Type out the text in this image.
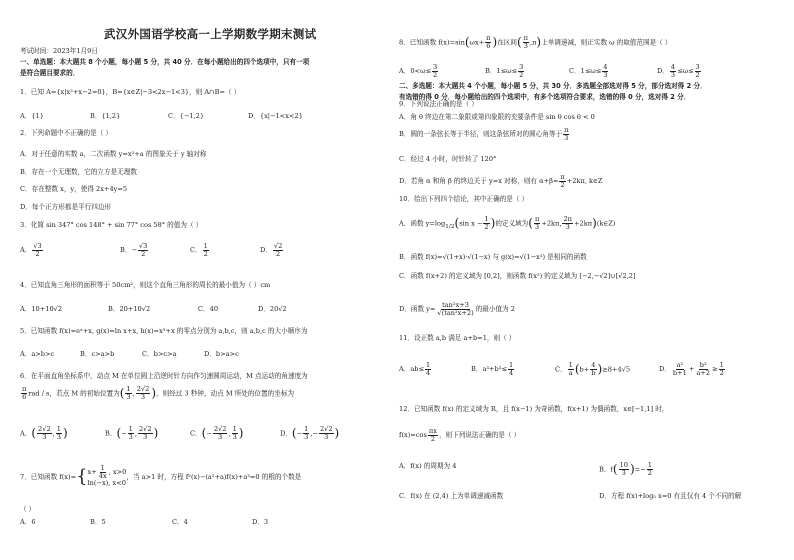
武汉外国语学校高一上学期数学期末测试
考试时间：2023年1月9日
一、单选题：本大题共 8 个小题，每小题 5 分，共 40 分．在每小题给出的四个选项中，只有一项
是符合题目要求的．
1．已知 A={x|x²+x−2=0}，B={x∈Z|−3<2x−1<3}，则 A∩B=（ ）
A．{1}	B．{1,2}	C．{−1,2}	D．{x|−1<x<2}
2．下列命题中不正确的是（ ）
A．对于任意的实数 a，二次函数 y=x²+a 的图象关于 y 轴对称
B．存在一个无理数，它的立方是无理数
C．存在整数 x，y，使得 2x+4y=5
D．每个正方形都是平行四边形
3．化简 sin 347° cos 148° + sin 77° cos 58° 的值为（ ）
A． $\frac{√3}{2}$	B．− $\frac{√3}{2}$	C． $\frac{1}{2}$	D． $\frac{√2}{2}$
4．已知直角三角形的面积等于 50cm²，则这个直角三角形的周长的最小值为（ ）cm
A．10+10√2	B．20+10√2	C．40	D．20√2
5．已知函数 f(x)=eˣ+x, g(x)=ln x+x, h(x)=x³+x 的零点分别为 a,b,c，则 a,b,c 的大小顺序为
A．a>b>c	B．c>a>b	C．b>c>a	D．b>a>c
6．在平面直角坐标系中，动点 M 在单位圆上沿逆时针方向作匀速圆周运动，M 点运动的角速度为
$\frac{\pi}{6}$ rad / s，若点 M 的初始位置为( $\frac{1}{3}$ , $\frac{2√2}{3}$ )，则经过 3 秒钟，动点 M 所处的位置的坐标为
A．( $\frac{2√2}{3}$ , $\frac{1}{3}$ )	B．(− $\frac{1}{3}$ , $\frac{2√2}{3}$ )	C．(− $\frac{2√2}{3}$ , $\frac{1}{3}$ )	D．(− $\frac{1}{3}$ ,− $\frac{2√2}{3}$ )
7．已知函数 f(x)={ $x+ \frac{1}{4x}$ , x>0
ln(−x), x<0
，当 a>1 时，方程 f²(x)−(a²+a)f(x)+a³=0 的根的个数是
（ ）
A．6	B．5	C．4	D．3
8．已知函数 $f(x)=\sin(\omega x+ \frac{\pi}{6}$ )在区间( $\frac{\pi}{3} ,\pi$)上单调递减，则正实数 ω 的取值范围是（ ）
A．$0<\omega\le \frac{3}{2}$	B．$1\le\omega\le \frac{3}{2}$	C．$1\le\omega\le \frac{4}{3}$	D． $\frac{4}{3} \le\omega\le \frac{3}{2}$
二、多选题：本大题共 4 个小题，每小题 5 分，共 30 分．多选题全部选对得 5 分，部分选对得 2 分．
有选错的得 0 分．每小题给出的四个选项中，有多个选项符合要求，选错的得 0 分，选对得 2 分．
9．下列说法正确的是（ ）
A．角 θ 终边在第二象限或第四象限的充要条件是 sin θ cos θ < 0
B．圆的一条弦长等于半径，则这条弦所对的圆心角等于 $\frac{\pi}{3}$
C．经过 4 小时，时针转了 120°
D．若角 α 和角 β 的终边关于 y=x 对称，则有 $\alpha+\beta= \frac{\pi}{2} +2k\pi$, k∈Z
10．给出下列四个结论，其中正确的是（ ）
A．函数 $y=\log_{1/2}(\sin$ $x - \frac{1}{2}$ )的定义域为( $\frac{\pi}{3} +2k\pi$, $\frac{2\pi}{3}$ +2kπ)(k∈Z)
B．函数 f(x)=√(1+x)·√(1−x) 与 g(x)=√(1−x²) 是相同的函数
C．函数 f(x+2) 的定义域为 [0,2]，则函数 f(x²) 的定义域为 [−2,−√2]∪[√2,2]
D．函数 $y= \frac{\text{tan²x+3}}{\text{√(tan²x+2)}}$ 的最小值为 2
11．设正数 a,b 满足 a+b=1，则（ ）
A．$ab\le \frac{1}{4}$	B．$a^3+b^3\le \frac{1}{4}$	C． $\frac{1}{a} (b+ \frac{4}{b} )\ge 8+4√5$	D． $\frac{\text{a²}}{b+1} + \frac{\text{b²}}{a+2} \ge \frac{1}{2}$
12．已知函数 f(x) 的定义域为 R，且 f(x−1) 为奇函数，f(x+1) 为偶函数，x∈[−1,1] 时，
$f(x)=\cos \frac{\pi x}{2}$ ，则下列说法正确的是（ ）
A．f(x) 的周期为 4	B．$f( \frac{10}{3}$ )=− $\frac{1}{2}$
C．f(x) 在 (2,4) 上为单调递减函数	D．方程 f(x)+log₅ x=0 有且仅有 4 个不同的解
